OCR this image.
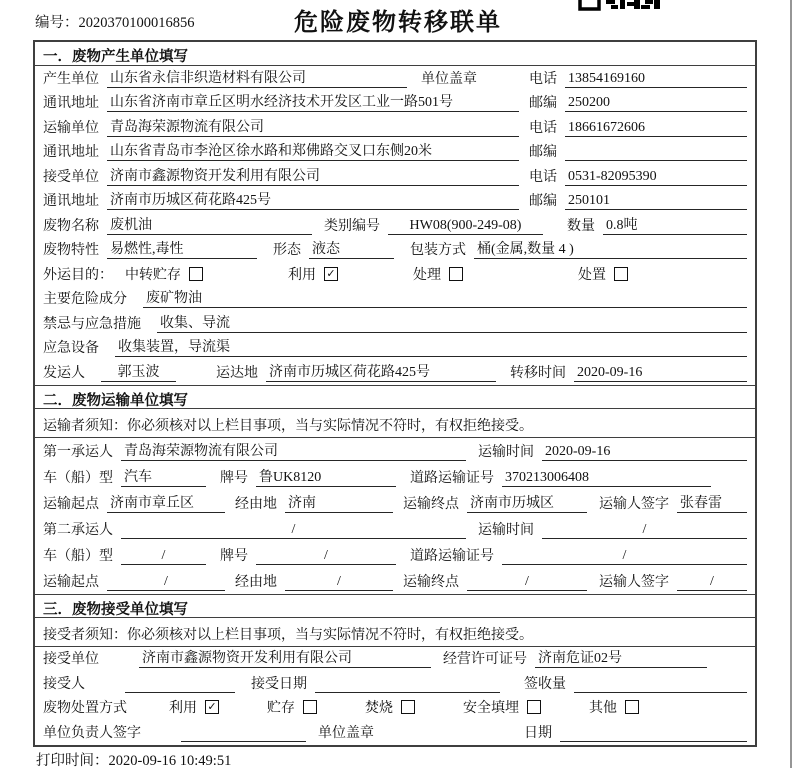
编号：2020370100016856	危险废物转移联单
一．废物产生单位填写
产生单位 山东省永信非织造材料有限公司	单位盖章	电话 13854169160
通讯地址 山东省济南市章丘区明水经济技术开发区工业一路501号	邮编 250200
运输单位 青岛海荣源物流有限公司	电话 18661672606
通讯地址 山东省青岛市李沧区徐水路和郑佛路交叉口东侧20米	邮编
接受单位 济南市鑫源物资开发利用有限公司	电话 0531-82095390
通讯地址 济南市历城区荷花路425号	邮编 250101
废物名称 废机油	类别编号	HW08(900-249-08)	数量 0.8吨
废物特性 易燃性,毒性	形态 液态	包装方式 桶(金属,数量 4 )
外运目的： 中转贮存	利用 ✓	处理	处置
主要危险成分 废矿物油
禁忌与应急措施 收集、导流
应急设备 收集装置，导流渠
发运人	郭玉波	运达地 济南市历城区荷花路425号	转移时间 2020-09-16
二．废物运输单位填写
运输者须知：你必须核对以上栏目事项，当与实际情况不符时，有权拒绝接受。
第一承运人 青岛海荣源物流有限公司	运输时间 2020-09-16
车（船）型 汽车	牌号 鲁UK8120	道路运输证号 370213006408
运输起点 济南市章丘区	经由地 济南	运输终点 济南市历城区	运输人签字 张春雷
第二承运人	/	运输时间	/
车（船）型	/	牌号	/	道路运输证号	/
运输起点	/	经由地	/	运输终点	/	运输人签字	/
三．废物接受单位填写
接受者须知：你必须核对以上栏目事项，当与实际情况不符时，有权拒绝接受。
接受单位	济南市鑫源物资开发利用有限公司	经营许可证号 济南危证02号
接受人	接受日期	签收量
废物处置方式	利用 ✓	贮存	焚烧	安全填埋	其他
单位负责人签字	单位盖章	日期
打印时间：2020-09-16 10:49:51
